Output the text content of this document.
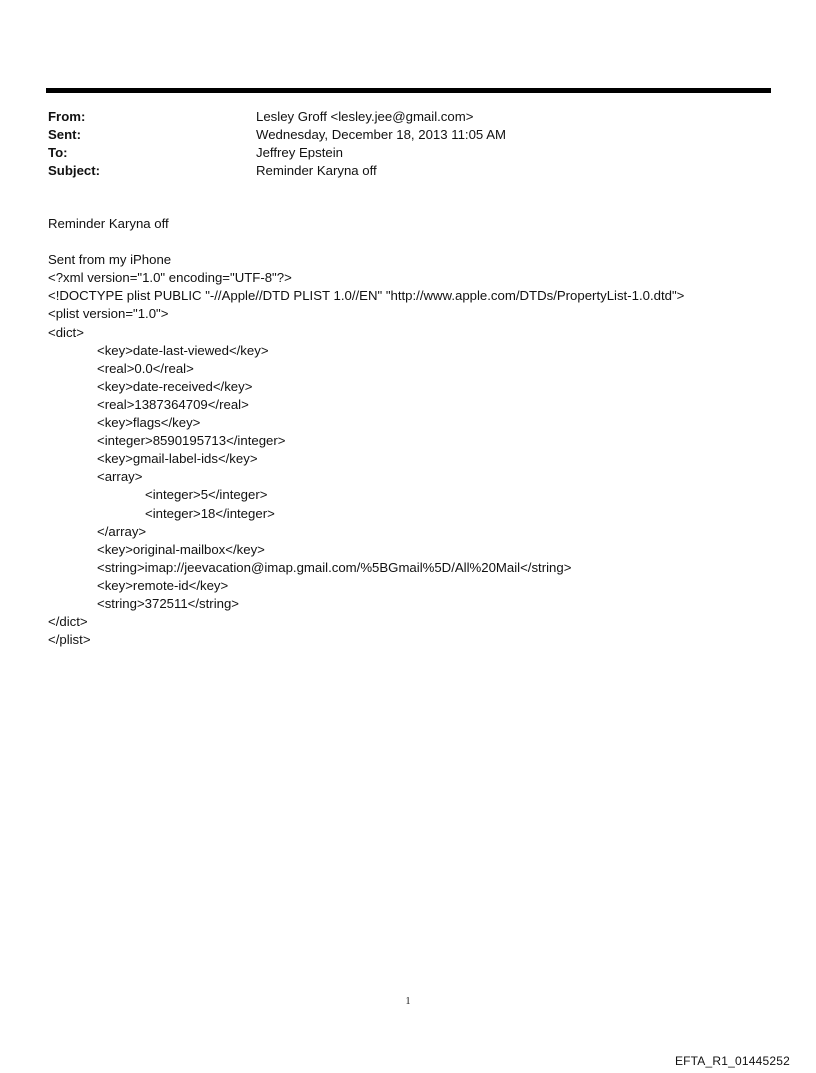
From:	Lesley Groff <lesley.jee@gmail.com>
Sent:	Wednesday, December 18, 2013 11:05 AM
To:	Jeffrey Epstein
Subject:	Reminder Karyna off
Reminder Karyna off
Sent from my iPhone
<?xml version="1.0" encoding="UTF-8"?>
<!DOCTYPE plist PUBLIC "-//Apple//DTD PLIST 1.0//EN" "http://www.apple.com/DTDs/PropertyList-1.0.dtd">
<plist version="1.0">
<dict>
<key>date-last-viewed</key>
<real>0.0</real>
<key>date-received</key>
<real>1387364709</real>
<key>flags</key>
<integer>8590195713</integer>
<key>gmail-label-ids</key>
<array>
<integer>5</integer>
<integer>18</integer>
</array>
<key>original-mailbox</key>
<string>imap://jeevacation@imap.gmail.com/%5BGmail%5D/All%20Mail</string>
<key>remote-id</key>
<string>372511</string>
</dict>
</plist>
1
EFTA_R1_01445252
